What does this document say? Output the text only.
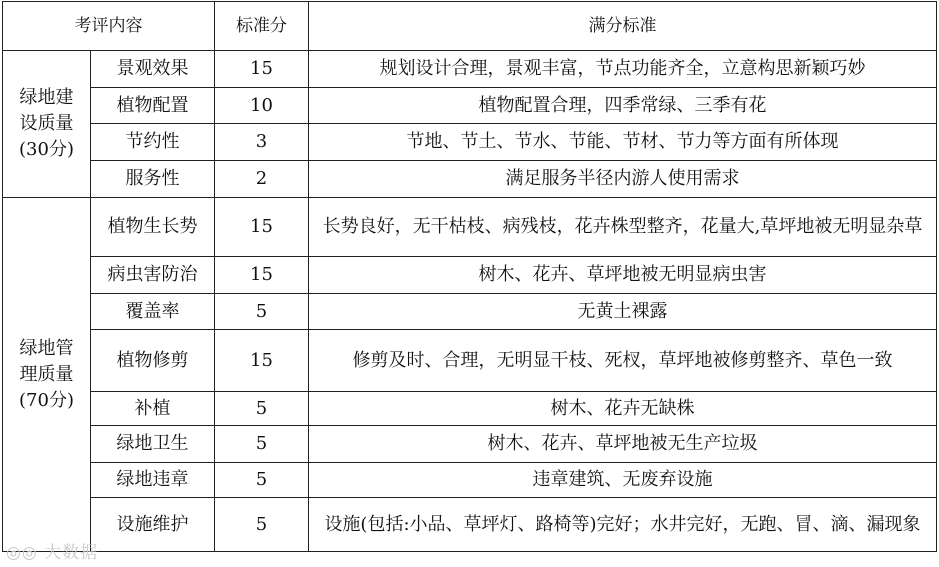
考评内容		标准分	满分标准

绿地建
设质量
(30分)	景观效果	15	规划设计合理，景观丰富，节点功能齐全，立意构思新颖巧妙
	植物配置	10	植物配置合理，四季常绿、三季有花
	节约性	3	节地、节土、节水、节能、节材、节力等方面有所体现
	服务性	2	满足服务半径内游人使用需求

绿地管
理质量
(70分)	植物生长势	15	长势良好，无干枯枝、病残枝，花卉株型整齐，花量大,草坪地被无明显杂草
	病虫害防治	15	树木、花卉、草坪地被无明显病虫害
	覆盖率	5	无黄土裸露
	植物修剪	15	修剪及时、合理，无明显干枝、死杈，草坪地被修剪整齐、草色一致
	补植	5	树木、花卉无缺株
	绿地卫生	5	树木、花卉、草坪地被无生产垃圾
	绿地违章	5	违章建筑、无废弃设施
	设施维护	5	设施(包括:小品、草坪灯、路椅等)完好；水井完好，无跑、冒、滴、漏现象
◎◎ 大数据
